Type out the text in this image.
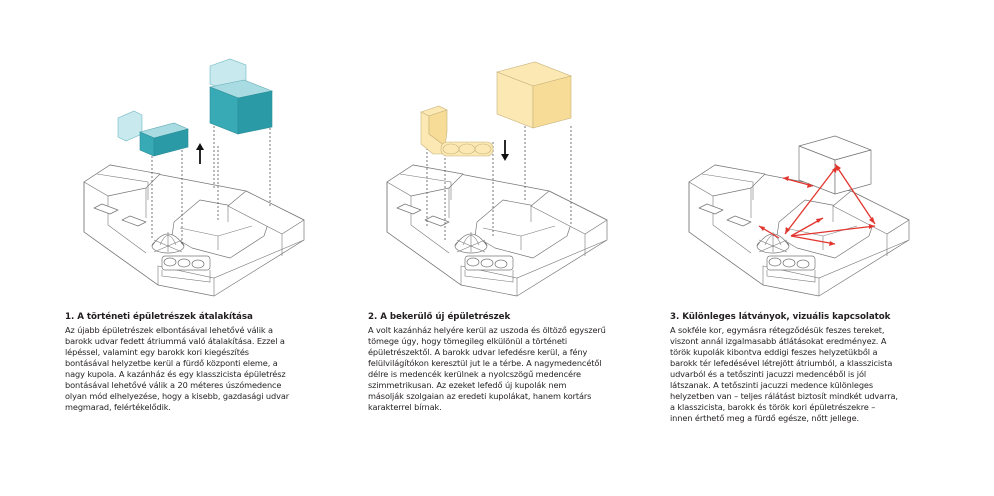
1. A történeti épületrészek átalakítása

Az újabb épületrészek elbontásával lehetővé válik a
barokk udvar fedett átriummá való átalakítása. Ezzel a
lépéssel, valamint egy barokk kori kiegészítés
bontásával helyzetbe kerül a fürdő központi eleme, a
nagy kupola. A kazánház és egy klasszicista épületrész
bontásával lehetővé válik a 20 méteres úszómedence
olyan mód elhelyezése, hogy a kisebb, gazdasági udvar
megmarad, felértékelődik.

2. A bekerülő új épületrészek

A volt kazánház helyére kerül az uszoda és öltöző egyszerű
tömege úgy, hogy tömegileg elkülönül a történeti
épületrészektől. A barokk udvar lefedésre kerül, a fény
felülvilágítókon keresztül jut le a térbe. A nagymedencétől
délre is medencék kerülnek a nyolcszögű medencére
szimmetrikusan. Az ezeket lefedő új kupolák nem
másolják szolgaian az eredeti kupolákat, hanem kortárs
karakterrel bírnak.

3. Különleges látványok, vizuális kapcsolatok

A sokféle kor, egymásra rétegződésük feszes tereket,
viszont annál izgalmasabb átlátásokat eredményez. A
török kupolák kibontva eddigi feszes helyzetükből a
barokk tér lefedésével létrejött átriumból, a klasszicista
udvarból és a tetőszinti jacuzzi medencéből is jól
látszanak. A tetőszinti jacuzzi medence különleges
helyzetben van – teljes rálátást biztosít mindkét udvarra,
a klasszicista, barokk és török kori épületrészekre –
innen érthető meg a fürdő egésze, nőtt jellege.
